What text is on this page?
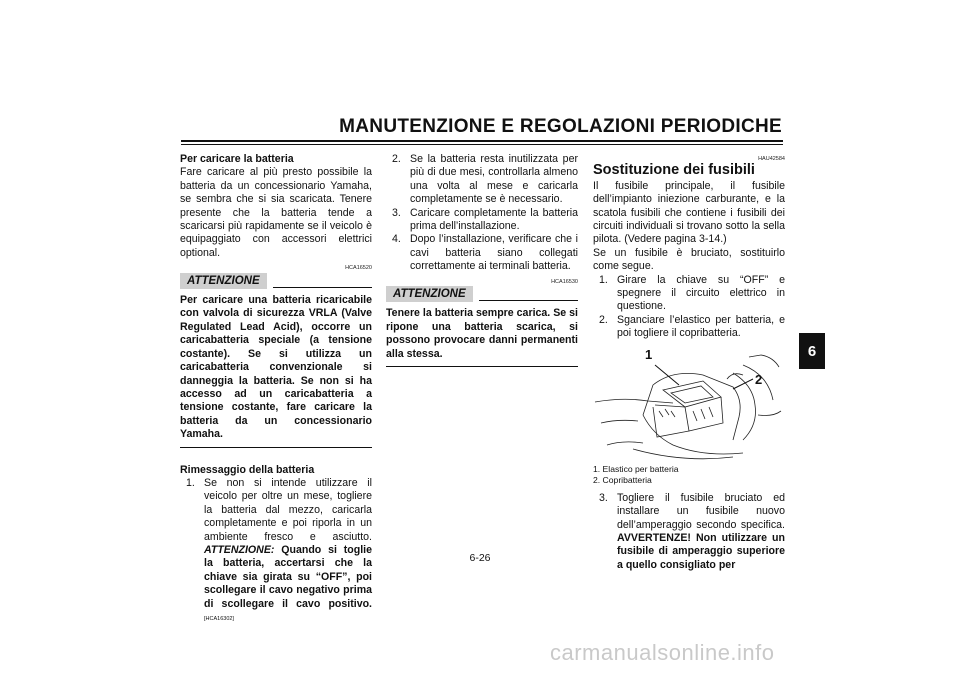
MANUTENZIONE E REGOLAZIONI PERIODICHE
6

Per caricare la batteria

Fare caricare al più presto possibile la batteria da un concessionario Yamaha, se sembra che si sia scaricata. Tenere presente che la batteria tende a scaricarsi più rapidamente se il veicolo è equipaggiato con accessori elettrici optional.

HCA16520
ATTENZIONE

Per caricare una batteria ricaricabile con valvola di sicurezza VRLA (Valve Regulated Lead Acid), occorre un caricabatteria speciale (a tensione costante). Se si utilizza un caricabatteria convenzionale si danneggia la batteria. Se non si ha accesso ad un caricabatteria a tensione costante, fare caricare la batteria da un concessionario Yamaha.

Rimessaggio della batteria

1. Se non si intende utilizzare il veicolo per oltre un mese, togliere la batteria dal mezzo, caricarla completamente e poi riporla in un ambiente fresco e asciutto. ATTENZIONE: Quando si toglie la batteria, accertarsi che la chiave sia girata su “OFF”, poi scollegare il cavo negativo prima di scollegare il cavo positivo. [HCA16302]
2. Se la batteria resta inutilizzata per più di due mesi, controllarla almeno una volta al mese e caricarla completamente se è necessario.
3. Caricare completamente la batteria prima dell’installazione.
4. Dopo l’installazione, verificare che i cavi batteria siano collegati correttamente ai terminali batteria.
HCA16530
ATTENZIONE

Tenere la batteria sempre carica. Se si ripone una batteria scarica, si possono provocare danni permanenti alla stessa.

HAU42584
Sostituzione dei fusibili

Il fusibile principale, il fusibile dell’impianto iniezione carburante, e la scatola fusibili che contiene i fusibili dei circuiti individuali si trovano sotto la sella pilota. (Vedere pagina 3-14.)

Se un fusibile è bruciato, sostituirlo come segue.

1. Girare la chiave su “OFF” e spegnere il circuito elettrico in questione.
2. Sganciare l’elastico per batteria, e poi togliere il copribatteria.
1
2
1. Elastico per batteria
2. Copribatteria
3. Togliere il fusibile bruciato ed installare un fusibile nuovo dell’amperaggio secondo specifica. AVVERTENZE! Non utilizzare un fusibile di amperaggio superiore a quello consigliato per
6-26
carmanualsonline.info
